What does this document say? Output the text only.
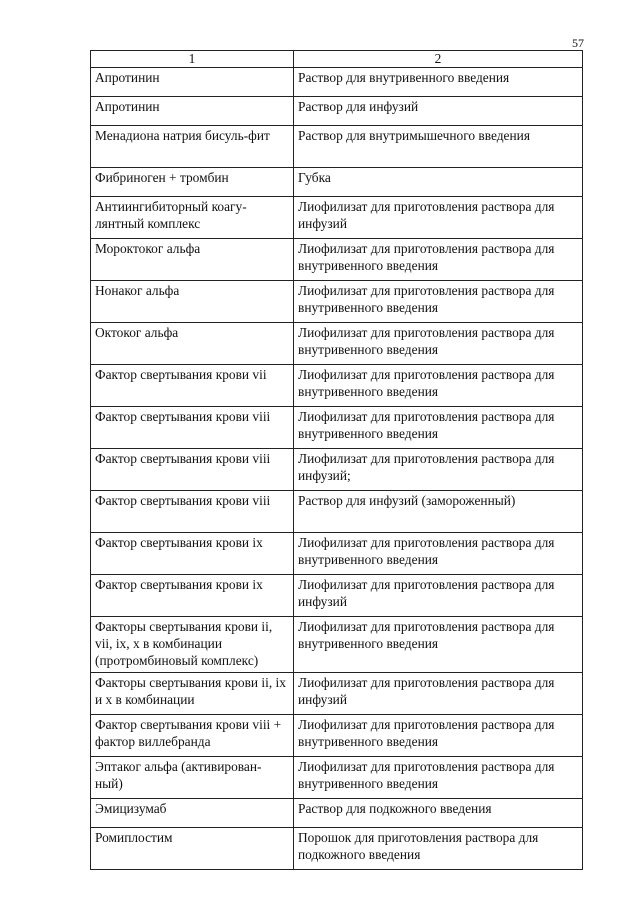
57
1	2
Апротинин	Раствор для внутривенного введения
Апротинин	Раствор для инфузий
Менадиона натрия бисуль-фит	Раствор для внутримышечного введения
Фибриноген + тромбин	Губка
Антиингибиторный коагу-лянтный комплекс	Лиофилизат для приготовления раствора для инфузий
Мороктоког альфа	Лиофилизат для приготовления раствора для внутривенного введения
Нонаког альфа	Лиофилизат для приготовления раствора для внутривенного введения
Октоког альфа	Лиофилизат для приготовления раствора для внутривенного введения
Фактор свертывания крови vii	Лиофилизат для приготовления раствора для внутривенного введения
Фактор свертывания крови viii	Лиофилизат для приготовления раствора для внутривенного введения
Фактор свертывания крови viii	Лиофилизат для приготовления раствора для инфузий;
Фактор свертывания крови viii	Раствор для инфузий (замороженный)
Фактор свертывания крови ix	Лиофилизат для приготовления раствора для внутривенного введения
Фактор свертывания крови ix	Лиофилизат для приготовления раствора для инфузий
Факторы свертывания крови ii, vii, ix, x в комбинации (протромбиновый комплекс)	Лиофилизат для приготовления раствора для внутривенного введения
Факторы свертывания крови ii, ix и x в комбинации	Лиофилизат для приготовления раствора для инфузий
Фактор свертывания крови viii + фактор виллебранда	Лиофилизат для приготовления раствора для внутривенного введения
Эптаког альфа (активирован-ный)	Лиофилизат для приготовления раствора для внутривенного введения
Эмицизумаб	Раствор для подкожного введения
Ромиплостим	Порошок для приготовления раствора для подкожного введения
